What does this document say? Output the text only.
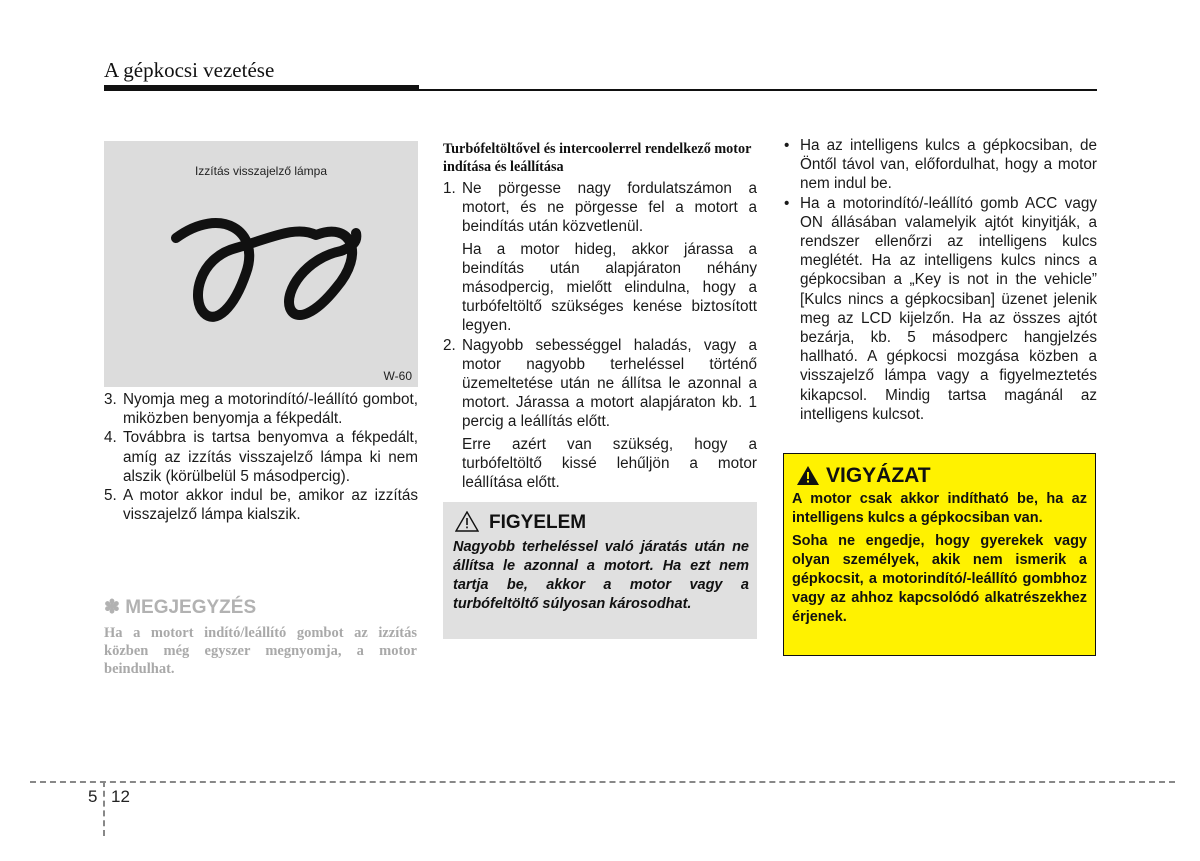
A gépkocsi vezetése
Izzítás visszajelző lámpa
W-60
3. Nyomja meg a motorindító/-leállító gombot, miközben benyomja a fékpedált.
4. Továbbra is tartsa benyomva a fékpedált, amíg az izzítás visszajelző lámpa ki nem alszik (körülbelül 5 másodpercig).
5. A motor akkor indul be, amikor az izzítás visszajelző lámpa kialszik.
✽ MEGJEGYZÉS
Ha a motort indító/leállító gombot az izzítás közben még egyszer megnyomja, a motor beindulhat.
Turbófeltöltővel és intercoolerrel rendelkező motor indítása és leállítása
1. Ne pörgesse nagy fordulatszámon a motort, és ne pörgesse fel a motort a beindítás után közvetlenül.
Ha a motor hideg, akkor járassa a beindítás után alapjáraton néhány másodpercig, mielőtt elindulna, hogy a turbófeltöltő szükséges kenése biztosított legyen.
2. Nagyobb sebességgel haladás, vagy a motor nagyobb terheléssel történő üzemeltetése után ne állítsa le azonnal a motort. Járassa a motort alapjáraton kb. 1 percig a leállítás előtt.
Erre azért van szükség, hogy a turbófeltöltő kissé lehűljön a motor leállítása előtt.
FIGYELEM
Nagyobb terheléssel való járatás után ne állítsa le azonnal a motort. Ha ezt nem tartja be, akkor a motor vagy a turbófeltöltő súlyosan károsodhat.
• Ha az intelligens kulcs a gépkocsiban, de Öntől távol van, előfordulhat, hogy a motor nem indul be.
• Ha a motorindító/-leállító gomb ACC vagy ON állásában valamelyik ajtót kinyitják, a rendszer ellenőrzi az intelligens kulcs meglétét. Ha az intelligens kulcs nincs a gépkocsiban a „Key is not in the vehicle” [Kulcs nincs a gépkocsiban] üzenet jelenik meg az LCD kijelzőn. Ha az összes ajtót bezárja, kb. 5 másodperc hangjelzés hallható. A gépkocsi mozgása közben a visszajelző lámpa vagy a figyelmeztetés kikapcsol. Mindig tartsa magánál az intelligens kulcsot.
VIGYÁZAT

A motor csak akkor indítható be, ha az intelligens kulcs a gépkocsiban van.

Soha ne engedje, hogy gyerekek vagy olyan személyek, akik nem ismerik a gépkocsit, a motorindító/-leállító gombhoz vagy az ahhoz kapcsolódó alkatrészekhez érjenek.

5 12
